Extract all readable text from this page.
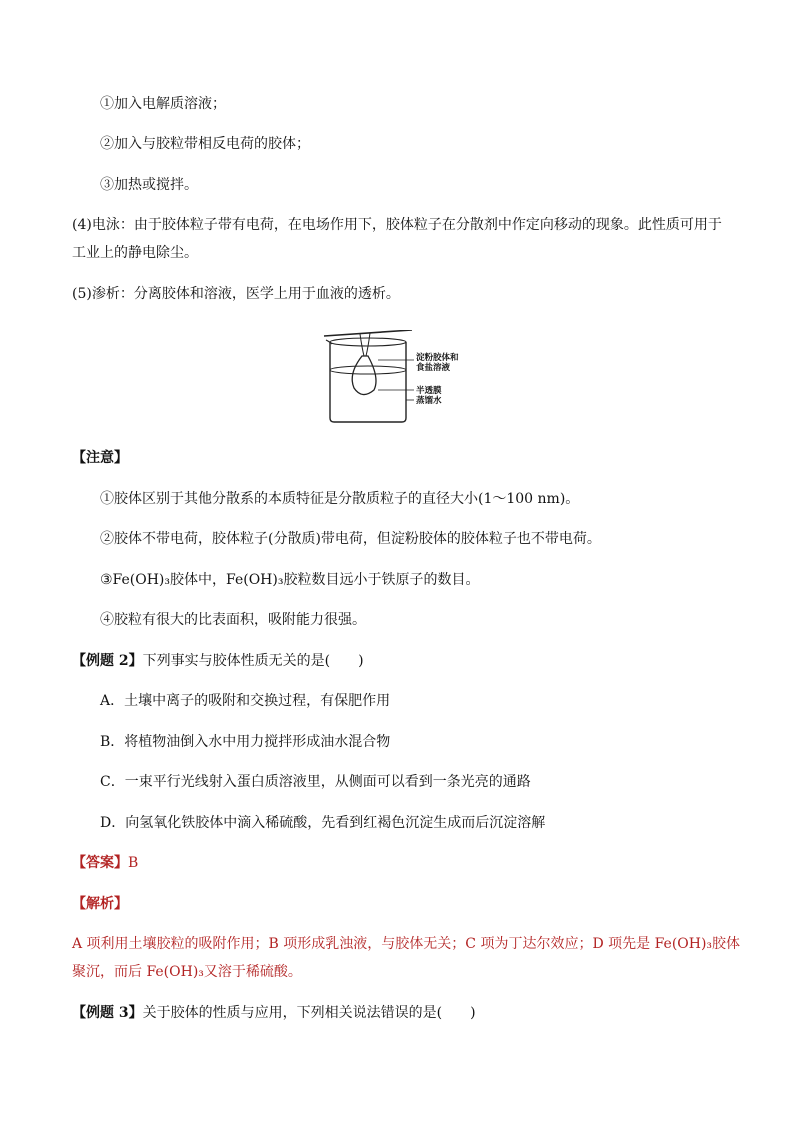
①加入电解质溶液；
②加入与胶粒带相反电荷的胶体；
③加热或搅拌。
(4)电泳：由于胶体粒子带有电荷，在电场作用下，胶体粒子在分散剂中作定向移动的现象。此性质可用于
工业上的静电除尘。
(5)渗析：分离胶体和溶液，医学上用于血液的透析。
淀粉胶体和
食盐溶液
半透膜
蒸馏水
【注意】
①胶体区别于其他分散系的本质特征是分散质粒子的直径大小(1～100 nm)。
②胶体不带电荷，胶体粒子(分散质)带电荷，但淀粉胶体的胶体粒子也不带电荷。
③Fe(OH)₃胶体中，Fe(OH)₃胶粒数目远小于铁原子的数目。
④胶粒有很大的比表面积，吸附能力很强。
【例题 2】下列事实与胶体性质无关的是(　　)
A．土壤中离子的吸附和交换过程，有保肥作用
B．将植物油倒入水中用力搅拌形成油水混合物
C．一束平行光线射入蛋白质溶液里，从侧面可以看到一条光亮的通路
D．向氢氧化铁胶体中滴入稀硫酸，先看到红褐色沉淀生成而后沉淀溶解
【答案】B
【解析】
A 项利用土壤胶粒的吸附作用；B 项形成乳浊液，与胶体无关；C 项为丁达尔效应；D 项先是 Fe(OH)₃胶体
聚沉，而后 Fe(OH)₃又溶于稀硫酸。
【例题 3】关于胶体的性质与应用，下列相关说法错误的是(　　)
